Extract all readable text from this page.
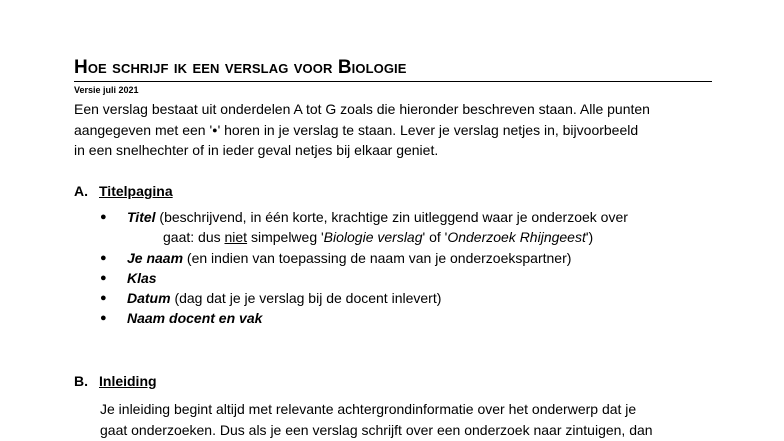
Hoe schrijf ik een verslag voor Biologie
Versie juli 2021

Een verslag bestaat uit onderdelen A tot G zoals die hieronder beschreven staan. Alle punten

aangegeven met een '●' horen in je verslag te staan. Lever je verslag netjes in, bijvoorbeeld

in een snelhechter of in ieder geval netjes bij elkaar geniet.

A. Titelpagina
● Titel (beschrijvend, in één korte, krachtige zin uitleggend waar je onderzoek over
gaat: dus niet simpelweg 'Biologie verslag' of 'Onderzoek Rhijngeest')
● Je naam (en indien van toepassing de naam van je onderzoekspartner)
● Klas
● Datum (dag dat je je verslag bij de docent inlevert)
● Naam docent en vak
B. Inleiding

Je inleiding begint altijd met relevante achtergrondinformatie over het onderwerp dat je

gaat onderzoeken. Dus als je een verslag schrijft over een onderzoek naar zintuigen, dan
